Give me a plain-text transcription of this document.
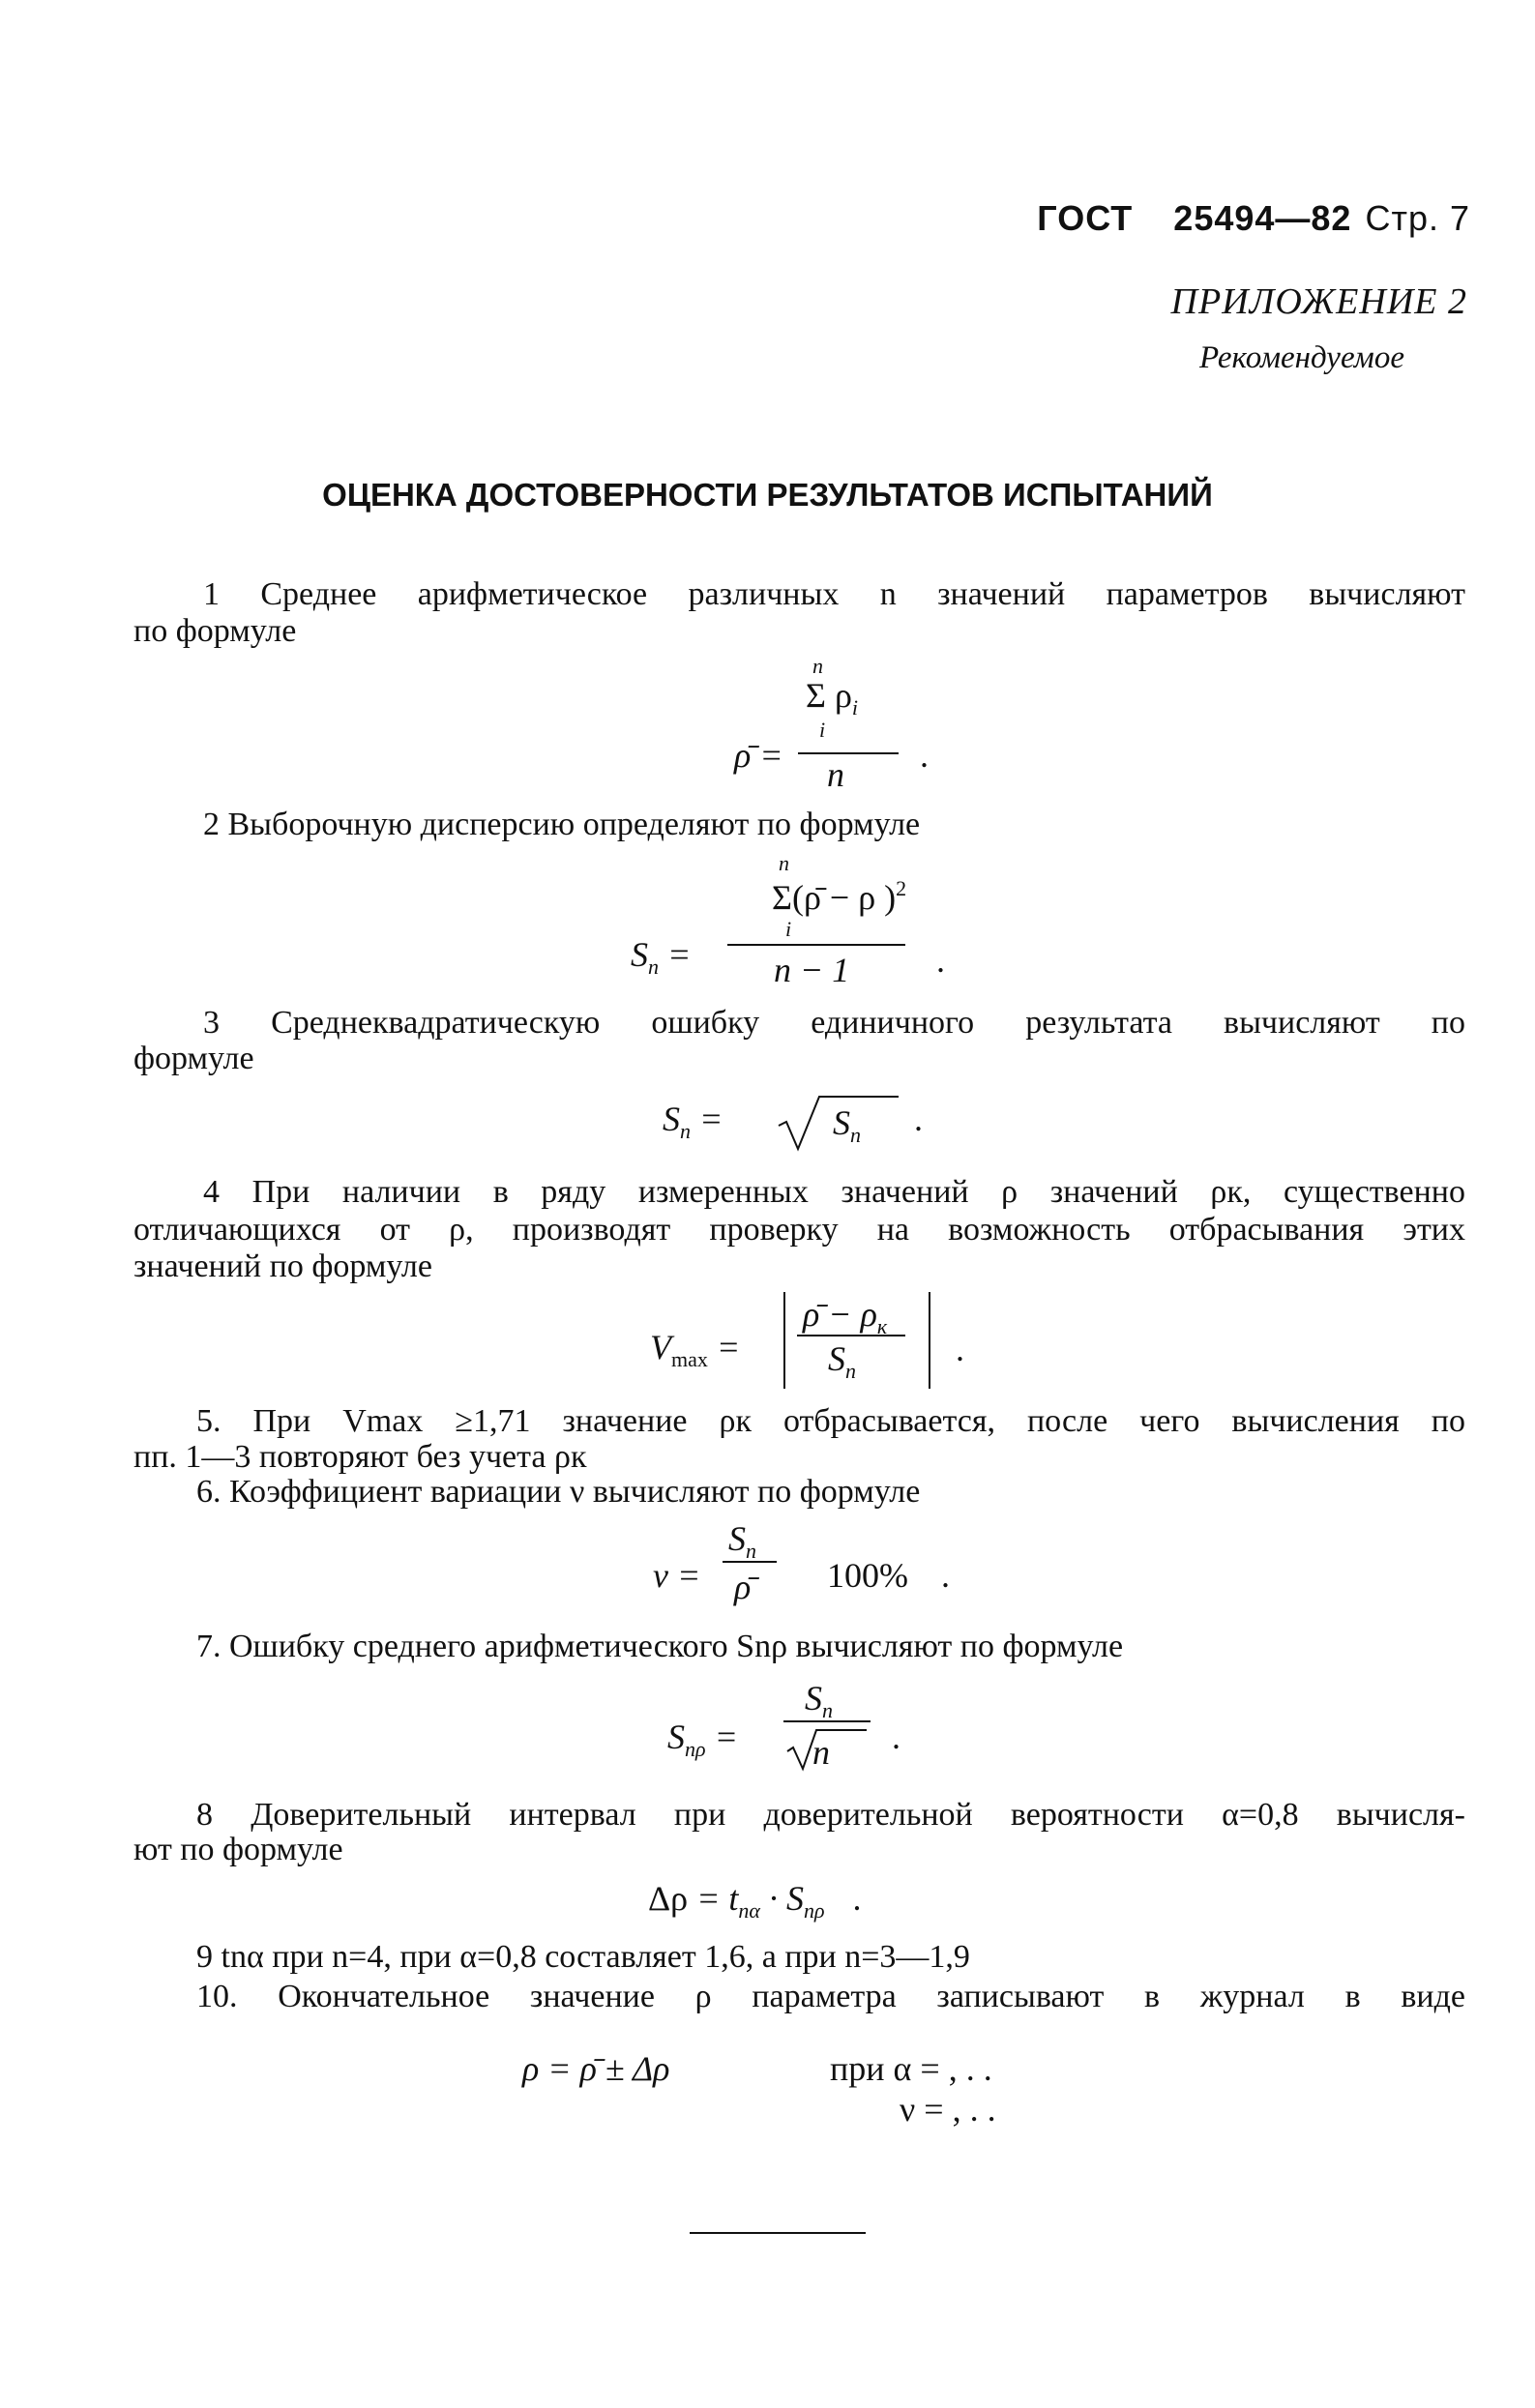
ГОСТ 25494—82 Стр. 7
ПРИЛОЖЕНИЕ 2
Рекомендуемое
ОЦЕНКА ДОСТОВЕРНОСТИ РЕЗУЛЬТАТОВ ИСПЫТАНИЙ
1 Среднее арифметическое различных n значений параметров вычисляют
по формуле
n
Σ $\rho_i$
i
ρ̄ = n .
2 Выборочную дисперсию определяют по формуле
n
Σ(ρ̄ − ρ )$^2$
i
$S_n = n - 1$ .
3 Среднеквадратическую ошибку единичного результата вычисляют по
формуле
$S_n$ =	$S_n$ .
4 При наличии в ряду измеренных значений ρ значений ρк, существенно
отличающихся от ρ, производят проверку на возможность отбрасывания этих
значений по формуле
$V_{max}$ =
ρ̄ − $\rho_к$
$S_n$
.
5. При Vmax ≥1,71 значение ρк отбрасывается, после чего вычисления по
пп. 1—3 повторяют без учета ρк
6. Коэффициент вариации ν вычисляют по формуле
ν =
$S_n$
ρ̄ 100% .
7. Ошибку среднего арифметического Snρ вычисляют по формуле
$S_{n\rho}$ =
$S_n$
n .
8 Доверительный интервал при доверительной вероятности α=0,8 вычисля-
ют по формуле
$\Delta\rho = t_{n\alpha} \cdot S_{n\rho}$ .
9 tnα при n=4, при α=0,8 составляет 1,6, а при n=3—1,9
10. Окончательное значение ρ параметра записывают в журнал в виде
ρ = ρ̄ ± Δρ	при α = , . .
ν = , . .
